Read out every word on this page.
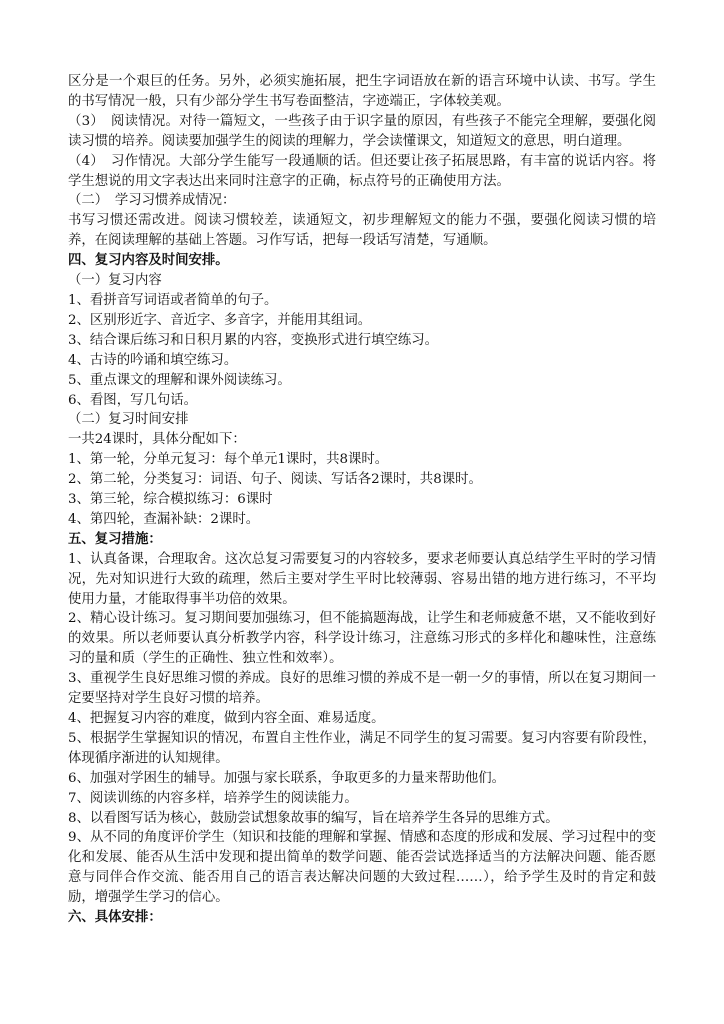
区分是一个艰巨的任务。另外，必须实施拓展，把生字词语放在新的语言环境中认读、书写。学生的书写情况一般，只有少部分学生书写卷面整洁，字迹端正，字体较美观。

（3）　阅读情况。对待一篇短文，一些孩子由于识字量的原因，有些孩子不能完全理解，要强化阅读习惯的培养。阅读要加强学生的阅读的理解力，学会读懂课文，知道短文的意思，明白道理。

（4）　习作情况。大部分学生能写一段通顺的话。但还要让孩子拓展思路，有丰富的说话内容。将学生想说的用文字表达出来同时注意字的正确，标点符号的正确使用方法。

（二）　学习习惯养成情况：

书写习惯还需改进。阅读习惯较差，读通短文，初步理解短文的能力不强，要强化阅读习惯的培养，在阅读理解的基础上答题。习作写话，把每一段话写清楚，写通顺。

四、复习内容及时间安排。

（一）复习内容

1、看拼音写词语或者简单的句子。

2、区别形近字、音近字、多音字，并能用其组词。

3、结合课后练习和日积月累的内容，变换形式进行填空练习。

4、古诗的吟诵和填空练习。

5、重点课文的理解和课外阅读练习。

6、看图，写几句话。

（二）复习时间安排

一共24课时，具体分配如下：

1、第一轮，分单元复习：每个单元1课时，共8课时。

2、第二轮，分类复习：词语、句子、阅读、写话各2课时，共8课时。

3、第三轮，综合模拟练习：6课时

4、第四轮，查漏补缺：2课时。

五、复习措施：

1、认真备课，合理取舍。这次总复习需要复习的内容较多，要求老师要认真总结学生平时的学习情况，先对知识进行大致的疏理，然后主要对学生平时比较薄弱、容易出错的地方进行练习，不平均使用力量，才能取得事半功倍的效果。

2、精心设计练习。复习期间要加强练习，但不能搞题海战，让学生和老师疲惫不堪，又不能收到好的效果。所以老师要认真分析教学内容，科学设计练习，注意练习形式的多样化和趣味性，注意练习的量和质（学生的正确性、独立性和效率）。

3、重视学生良好思维习惯的养成。良好的思维习惯的养成不是一朝一夕的事情，所以在复习期间一定要坚持对学生良好习惯的培养。

4、把握复习内容的难度，做到内容全面、难易适度。

5、根据学生掌握知识的情况，布置自主性作业，满足不同学生的复习需要。复习内容要有阶段性，体现循序渐进的认知规律。

6、加强对学困生的辅导。加强与家长联系，争取更多的力量来帮助他们。

7、阅读训练的内容多样，培养学生的阅读能力。

8、以看图写话为核心，鼓励尝试想象故事的编写，旨在培养学生各异的思维方式。

9、从不同的角度评价学生（知识和技能的理解和掌握、情感和态度的形成和发展、学习过程中的变化和发展、能否从生活中发现和提出简单的数学问题、能否尝试选择适当的方法解决问题、能否愿意与同伴合作交流、能否用自己的语言表达解决问题的大致过程……），给予学生及时的肯定和鼓励，增强学生学习的信心。

六、具体安排：
